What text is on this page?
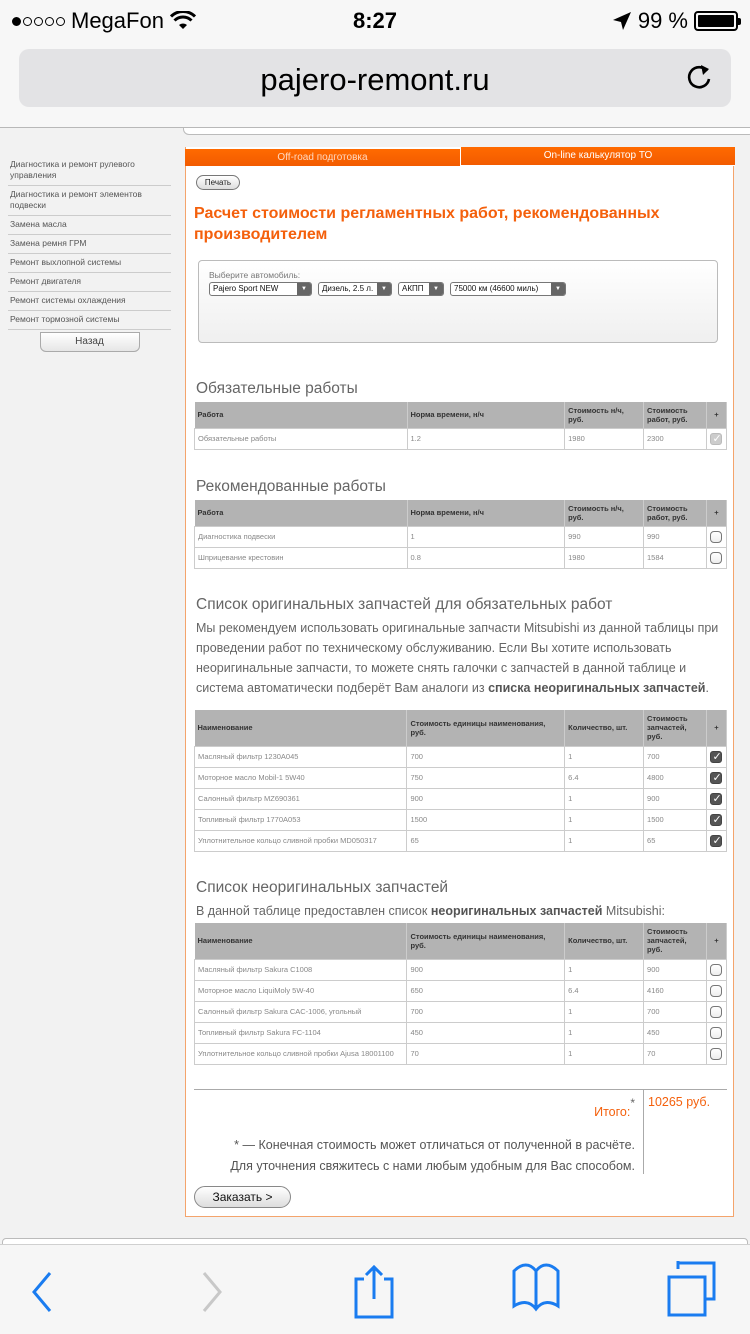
MegaFon	8:27	99 %
pajero-remont.ru
Диагностика и ремонт рулевого управления
Диагностика и ремонт элементов подвески
Замена масла
Замена ремня ГРМ
Ремонт выхлопной системы
Ремонт двигателя
Ремонт системы охлаждения
Ремонт тормозной системы
Назад
Off-road подготовка	On-line калькулятор ТО
Печать
Расчет стоимости регламентных работ, рекомендованных производителем
Выберите автомобиль:
Pajero Sport NEW	▼	Дизель, 2.5 л.	▼	АКПП	▼	75000 км (46600 миль)	▼
Обязательные работы
Работа	Норма времени, н/ч	Стоимость н/ч, руб.	Стоимость работ, руб.	+
Обязательные работы	1.2	1980	2300	✓
Рекомендованные работы
Работа	Норма времени, н/ч	Стоимость н/ч, руб.	Стоимость работ, руб.	+
Диагностика подвески	1	990	990	
Шприцевание крестовин	0.8	1980	1584	
Список оригинальных запчастей для обязательных работ
Мы рекомендуем использовать оригинальные запчасти Mitsubishi из данной таблицы при проведении работ по техническому обслуживанию. Если Вы хотите использовать неоригинальные запчасти, то можете снять галочки с запчастей в данной таблице и система автоматически подберёт Вам аналоги из списка неоригинальных запчастей.
Наименование	Стоимость единицы наименования, руб.	Количество, шт.	Стоимость запчастей, руб.	+
Масляный фильтр 1230A045	700	1	700	✓
Моторное масло Mobil-1 5W40	750	6.4	4800	✓
Салонный фильтр MZ690361	900	1	900	✓
Топливный фильтр 1770A053	1500	1	1500	✓
Уплотнительное кольцо сливной пробки MD050317	65	1	65	✓
Список неоригинальных запчастей
В данной таблице предоставлен список неоригинальных запчастей Mitsubishi:
Наименование	Стоимость единицы наименования, руб.	Количество, шт.	Стоимость запчастей, руб.	+
Масляный фильтр Sakura C1008	900	1	900	
Моторное масло LiquiMoly 5W-40	650	6.4	4160	
Салонный фильтр Sakura CAC-1006, угольный	700	1	700	
Топливный фильтр Sakura FC-1104	450	1	450	
Уплотнительное кольцо сливной пробки Ajusa 18001100	70	1	70	
Итого:* 10265 руб.
* — Конечная стоимость может отличаться от полученной в расчёте.
Для уточнения свяжитесь с нами любым удобным для Вас способом.
Заказать >
